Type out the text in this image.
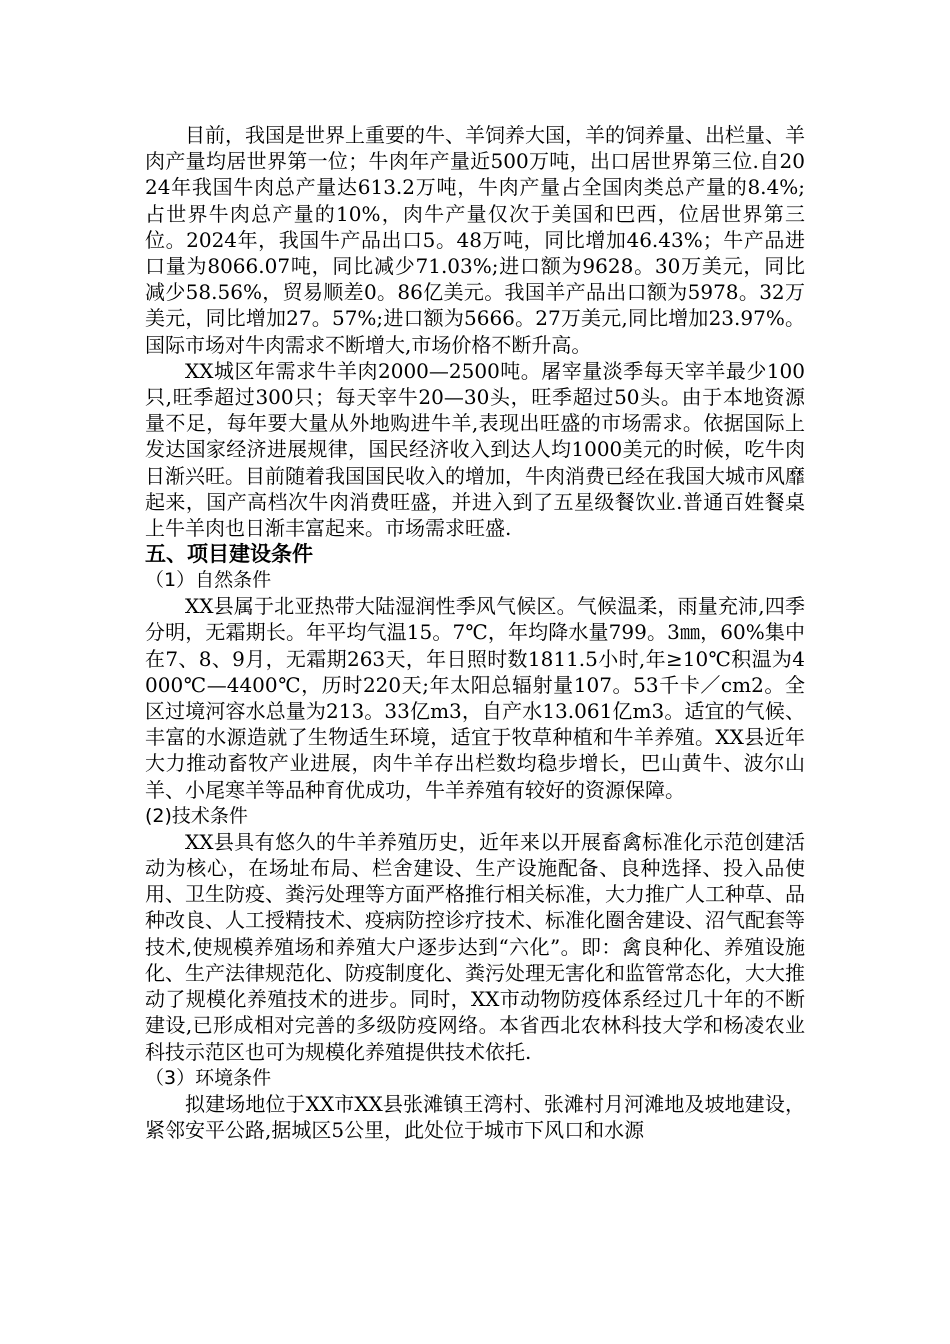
目前，我国是世界上重要的牛、羊饲养大国，羊的饲养量、出栏量、羊肉产量均居世界第一位；牛肉年产量近500万吨，出口居世界第三位.自2024年我国牛肉总产量达613.2万吨，牛肉产量占全国肉类总产量的8.4%;占世界牛肉总产量的10%，肉牛产量仅次于美国和巴西，位居世界第三位。2024年，我国牛产品出口5。48万吨，同比增加46.43%；牛产品进口量为8066.07吨，同比减少71.03%;进口额为9628。30万美元，同比减少58.56%，贸易顺差0。86亿美元。我国羊产品出口额为5978。32万美元，同比增加27。57%;进口额为5666。27万美元,同比增加23.97%。国际市场对牛肉需求不断增大,市场价格不断升高。

XX城区年需求牛羊肉2000—2500吨。屠宰量淡季每天宰羊最少100只,旺季超过300只；每天宰牛20—30头，旺季超过50头。由于本地资源量不足，每年要大量从外地购进牛羊,表现出旺盛的市场需求。依据国际上发达国家经济进展规律，国民经济收入到达人均1000美元的时候，吃牛肉日渐兴旺。目前随着我国国民收入的增加，牛肉消费已经在我国大城市风靡起来，国产高档次牛肉消费旺盛，并进入到了五星级餐饮业.普通百姓餐桌上牛羊肉也日渐丰富起来。市场需求旺盛.

五、项目建设条件

（1）自然条件

XX县属于北亚热带大陆湿润性季风气候区。气候温柔，雨量充沛,四季分明，无霜期长。年平均气温15。7℃，年均降水量799。3㎜，60%集中在7、8、9月，无霜期263天，年日照时数1811.5小时,年≥10℃积温为4000℃—4400℃，历时220天;年太阳总辐射量107。53千卡／cm2。全区过境河容水总量为213。33亿m3，自产水13.061亿m3。适宜的气候、丰富的水源造就了生物适生环境，适宜于牧草种植和牛羊养殖。XX县近年大力推动畜牧产业进展，肉牛羊存出栏数均稳步增长，巴山黄牛、波尔山羊、小尾寒羊等品种育优成功，牛羊养殖有较好的资源保障。

(2)技术条件

XX县具有悠久的牛羊养殖历史，近年来以开展畜禽标准化示范创建活动为核心，在场址布局、栏舍建设、生产设施配备、良种选择、投入品使用、卫生防疫、粪污处理等方面严格推行相关标准，大力推广人工种草、品种改良、人工授精技术、疫病防控诊疗技术、标准化圈舍建设、沼气配套等技术,使规模养殖场和养殖大户逐步达到“六化”。即：禽良种化、养殖设施化、生产法律规范化、防疫制度化、粪污处理无害化和监管常态化，大大推动了规模化养殖技术的进步。同时，XX市动物防疫体系经过几十年的不断建设,已形成相对完善的多级防疫网络。本省西北农林科技大学和杨凌农业科技示范区也可为规模化养殖提供技术依托.

（3）环境条件

拟建场地位于XX市XX县张滩镇王湾村、张滩村月河滩地及坡地建设，紧邻安平公路,据城区5公里，此处位于城市下风口和水源
